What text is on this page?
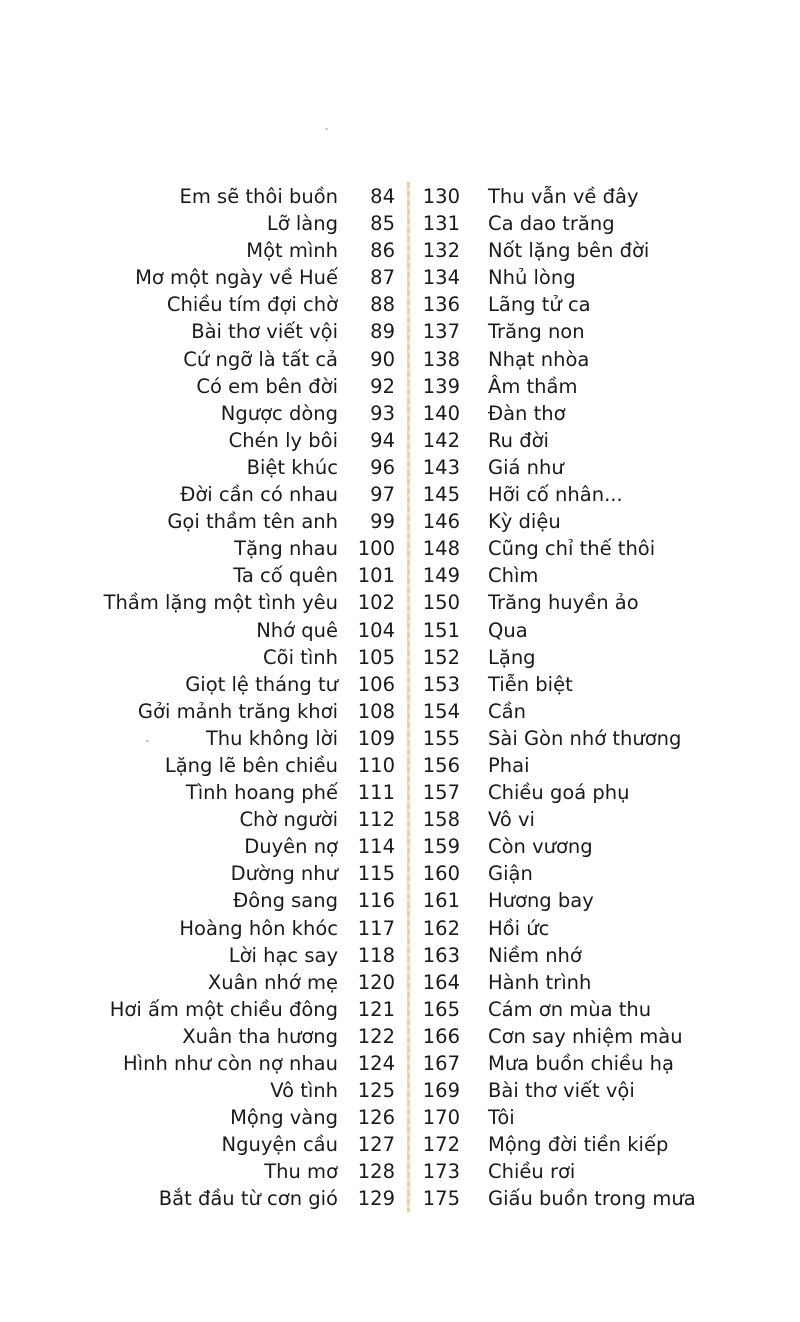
Em sẽ thôi buồn	84
Lỡ làng	85
Một mình	86
Mơ một ngày về Huế	87
Chiều tím đợi chờ	88
Bài thơ viết vội	89
Cứ ngỡ là tất cả	90
Có em bên đời	92
Ngược dòng	93
Chén ly bôi	94
Biệt khúc	96
Đời cần có nhau	97
Gọi thầm tên anh	99
Tặng nhau	100
Ta cố quên	101
Thầm lặng một tình yêu	102
Nhớ quê	104
Cõi tình	105
Giọt lệ tháng tư	106
Gởi mảnh trăng khơi	108
Thu không lời	109
Lặng lẽ bên chiều	110
Tình hoang phế	111
Chờ người	112
Duyên nợ	114
Dường như	115
Đông sang	116
Hoàng hôn khóc	117
Lời hạc say	118
Xuân nhớ mẹ	120
Hơi ấm một chiều đông	121
Xuân tha hương	122
Hình như còn nợ nhau	124
Vô tình	125
Mộng vàng	126
Nguyện cầu	127
Thu mơ	128
Bắt đầu từ cơn gió	129
130 Thu vẫn về đây
131 Ca dao trăng
132 Nốt lặng bên đời
134 Nhủ lòng
136 Lãng tử ca
137 Trăng non
138 Nhạt nhòa
139 Âm thầm
140 Đàn thơ
142 Ru đời
143 Giá như
145 Hỡi cố nhân...
146 Kỳ diệu
148 Cũng chỉ thế thôi
149 Chìm
150 Trăng huyền ảo
151 Qua
152 Lặng
153 Tiễn biệt
154 Cần
155 Sài Gòn nhớ thương
156 Phai
157 Chiều goá phụ
158 Vô vi
159 Còn vương
160 Giận
161 Hương bay
162 Hồi ức
163 Niềm nhớ
164 Hành trình
165 Cám ơn mùa thu
166 Cơn say nhiệm màu
167 Mưa buồn chiều hạ
169 Bài thơ viết vội
170 Tôi
172 Mộng đời tiền kiếp
173 Chiều rơi
175 Giấu buồn trong mưa
